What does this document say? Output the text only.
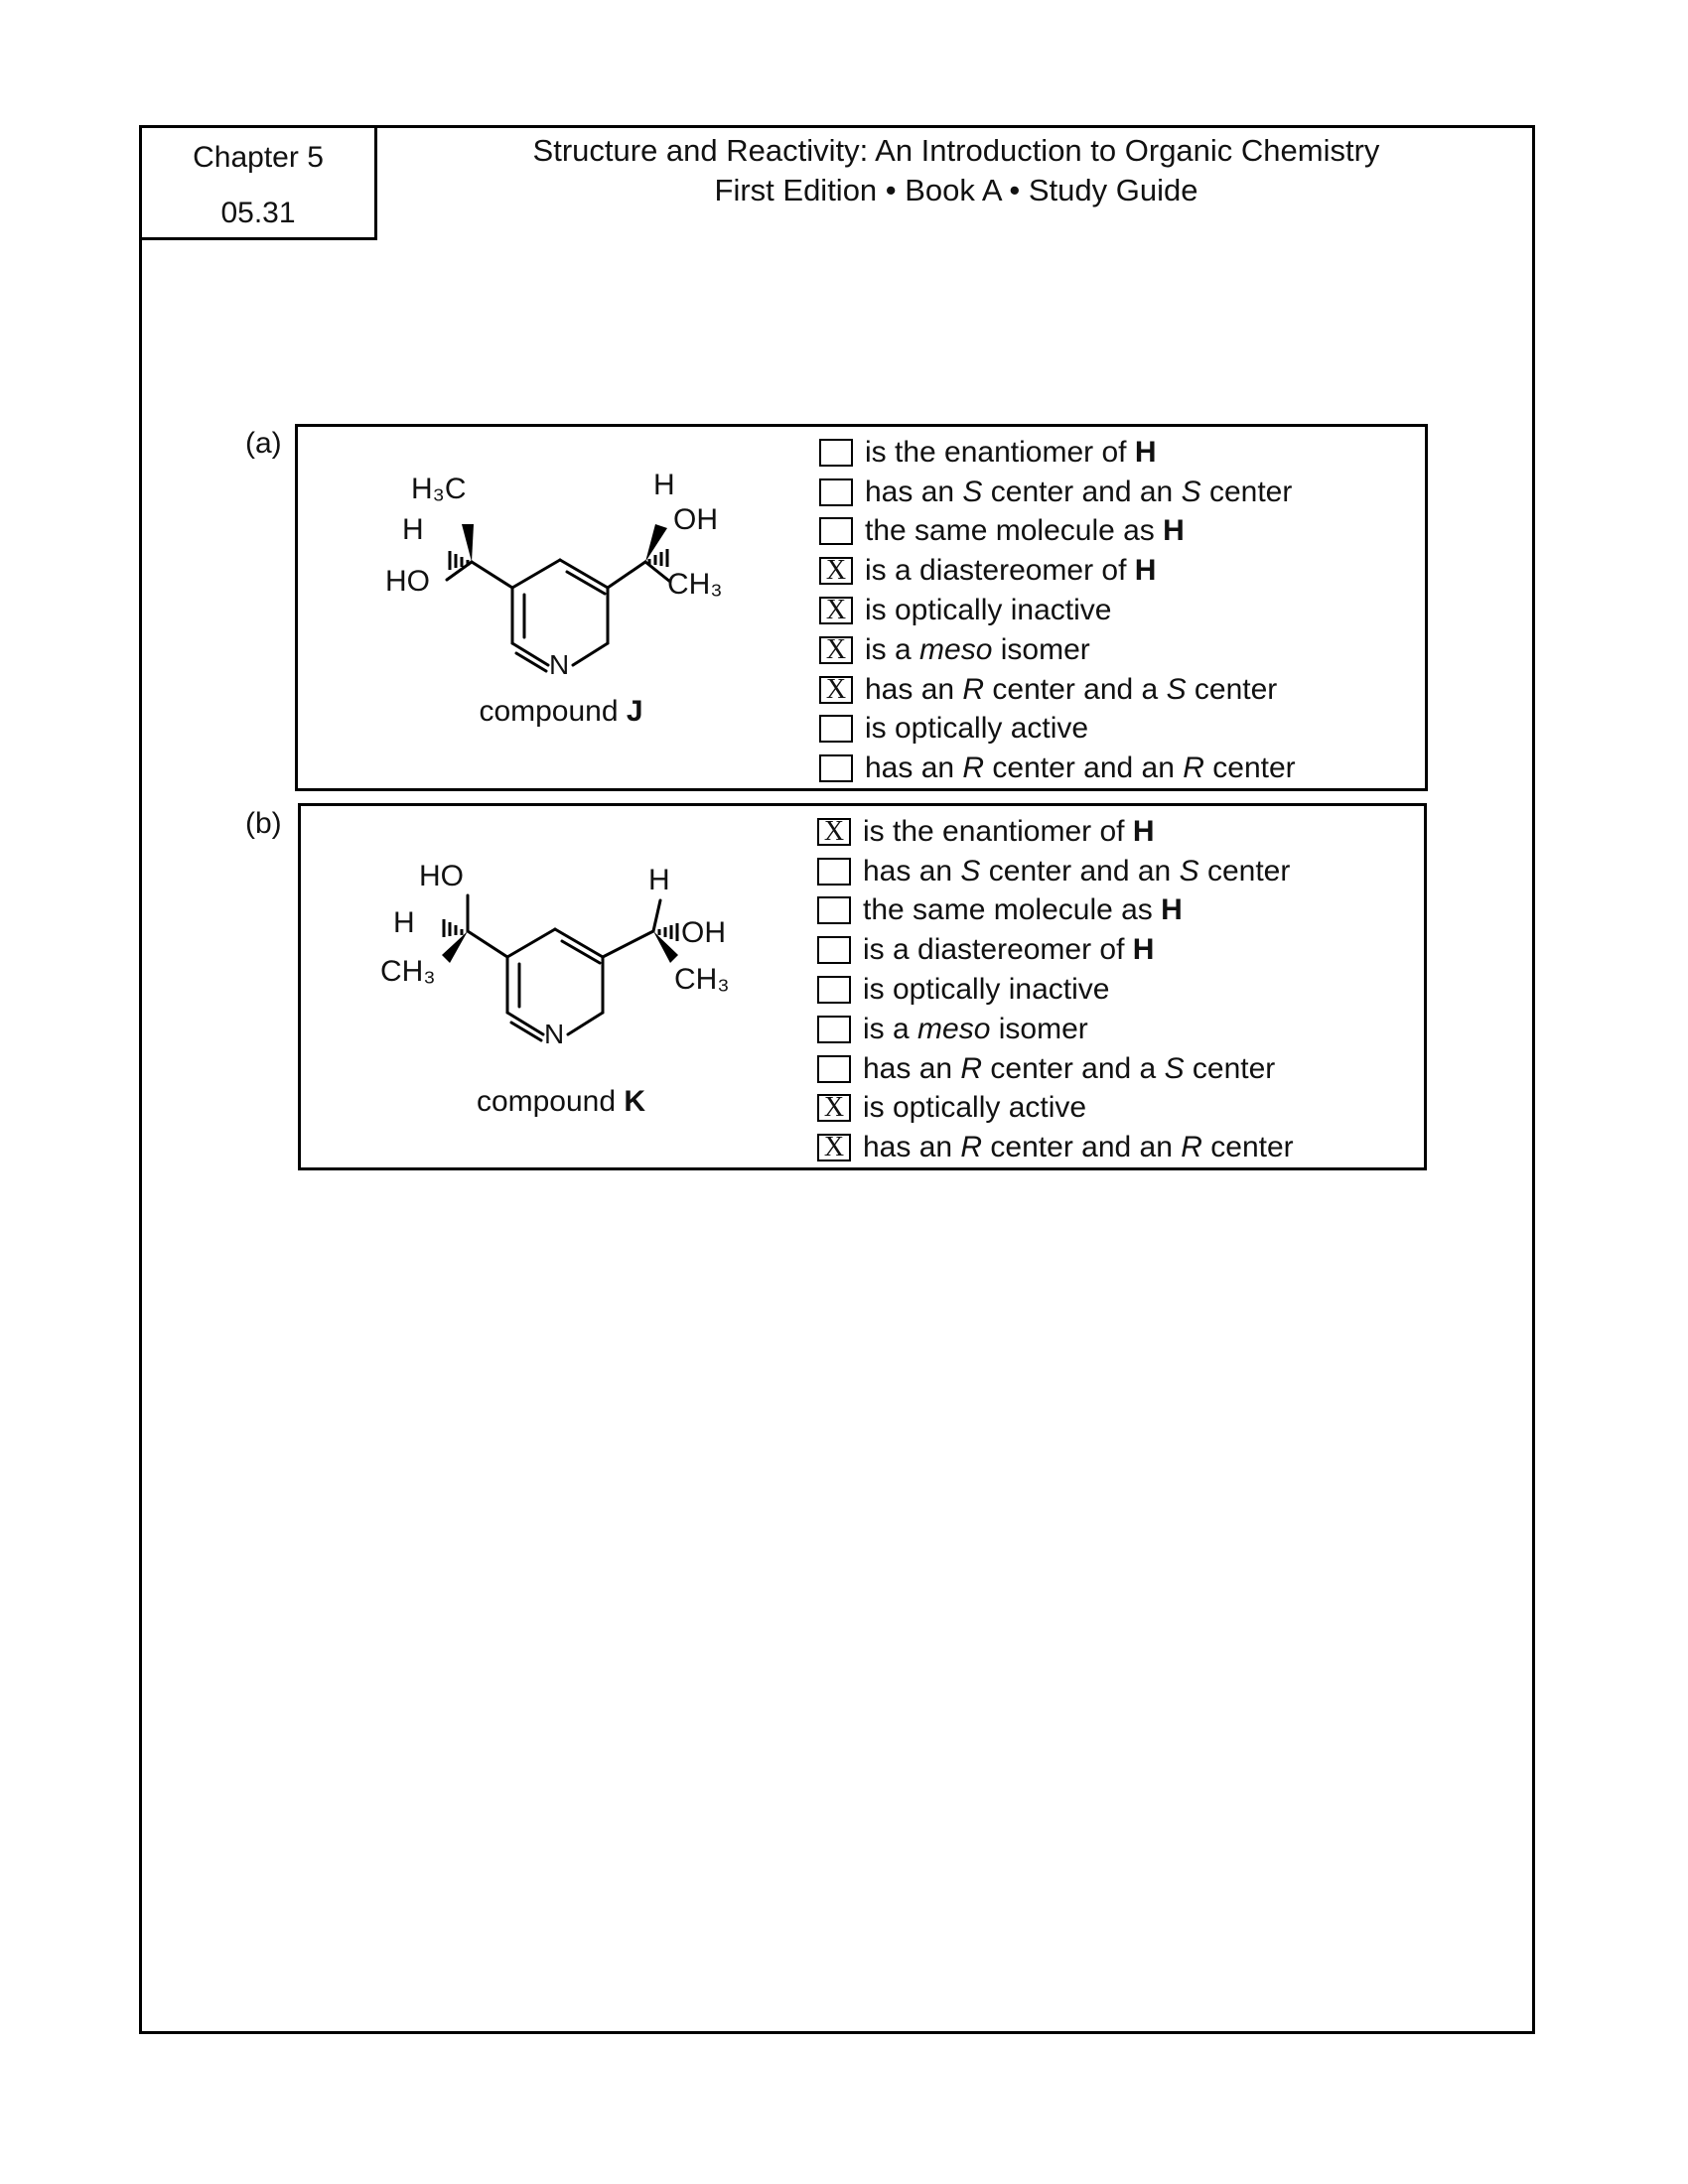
Chapter 5
05.31
Structure and Reactivity: An Introduction to Organic Chemistry
First Edition • Book A • Study Guide
(a)
H₃C
H
HO
H
OH
CH₃
N
compound J
is the enantiomer of H
has an S center and an S center
the same molecule as H
X is a diastereomer of H
X is optically inactive
X is a meso isomer
X has an R center and a S center
is optically active
has an R center and an R center
(b)
HO
H
CH₃
H
OH
CH₃
N
compound K
X is the enantiomer of H
has an S center and an S center
the same molecule as H
is a diastereomer of H
is optically inactive
is a meso isomer
has an R center and a S center
X is optically active
X has an R center and an R center
